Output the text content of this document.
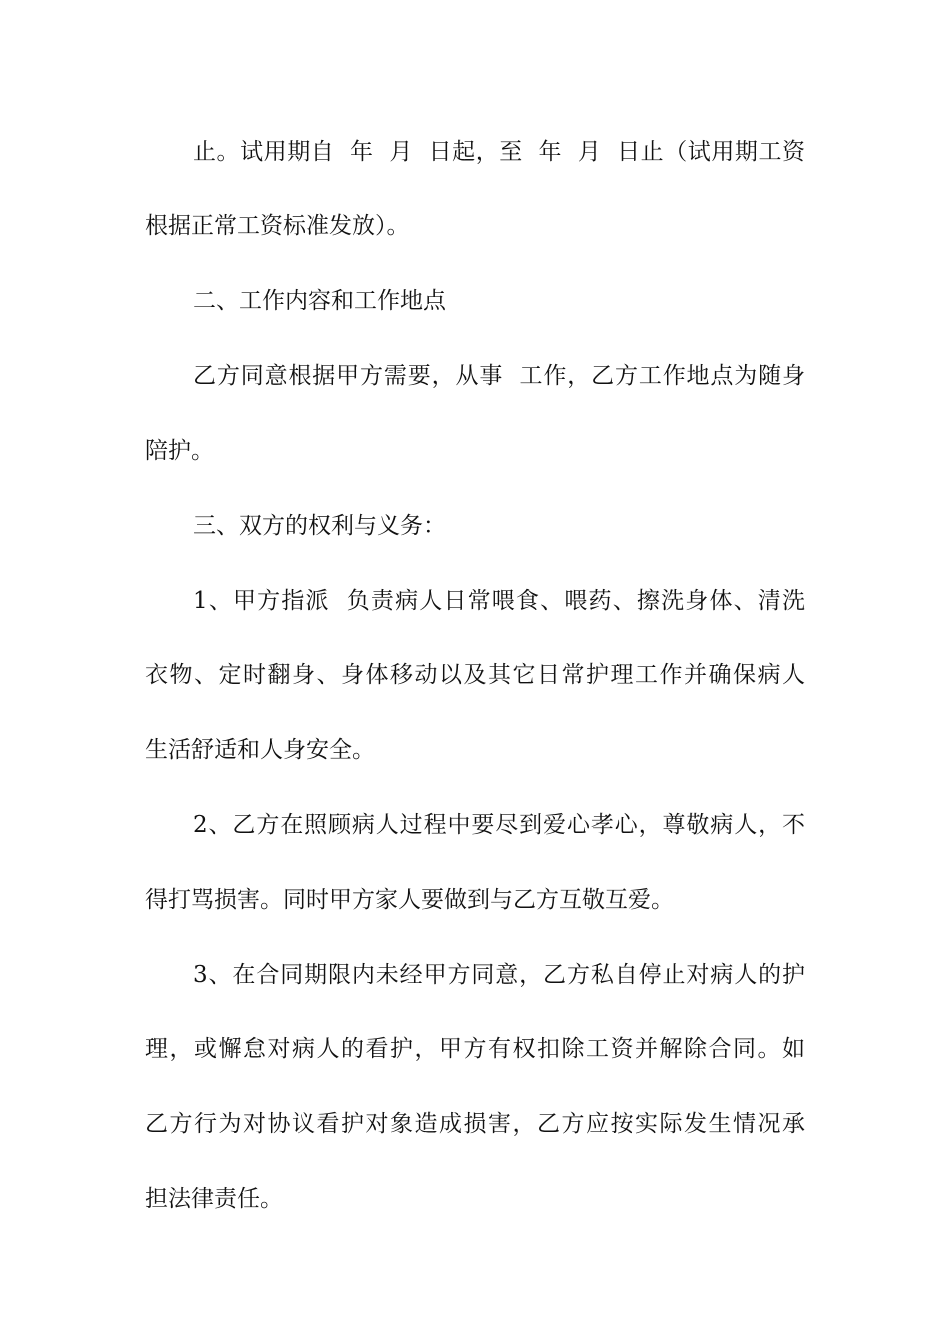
止。试用期自  年  月  日起，至  年  月  日止（试用期工资
根据正常工资标准发放）。
二、工作内容和工作地点
乙方同意根据甲方需要，从事  工作，乙方工作地点为随身
陪护。
三、双方的权利与义务：
1、甲方指派  负责病人日常喂食、喂药、擦洗身体、清洗
衣物、定时翻身、身体移动以及其它日常护理工作并确保病人
生活舒适和人身安全。
2、乙方在照顾病人过程中要尽到爱心孝心，尊敬病人，不
得打骂损害。同时甲方家人要做到与乙方互敬互爱。
3、在合同期限内未经甲方同意，乙方私自停止对病人的护
理，或懈怠对病人的看护，甲方有权扣除工资并解除合同。如
乙方行为对协议看护对象造成损害，乙方应按实际发生情况承
担法律责任。
